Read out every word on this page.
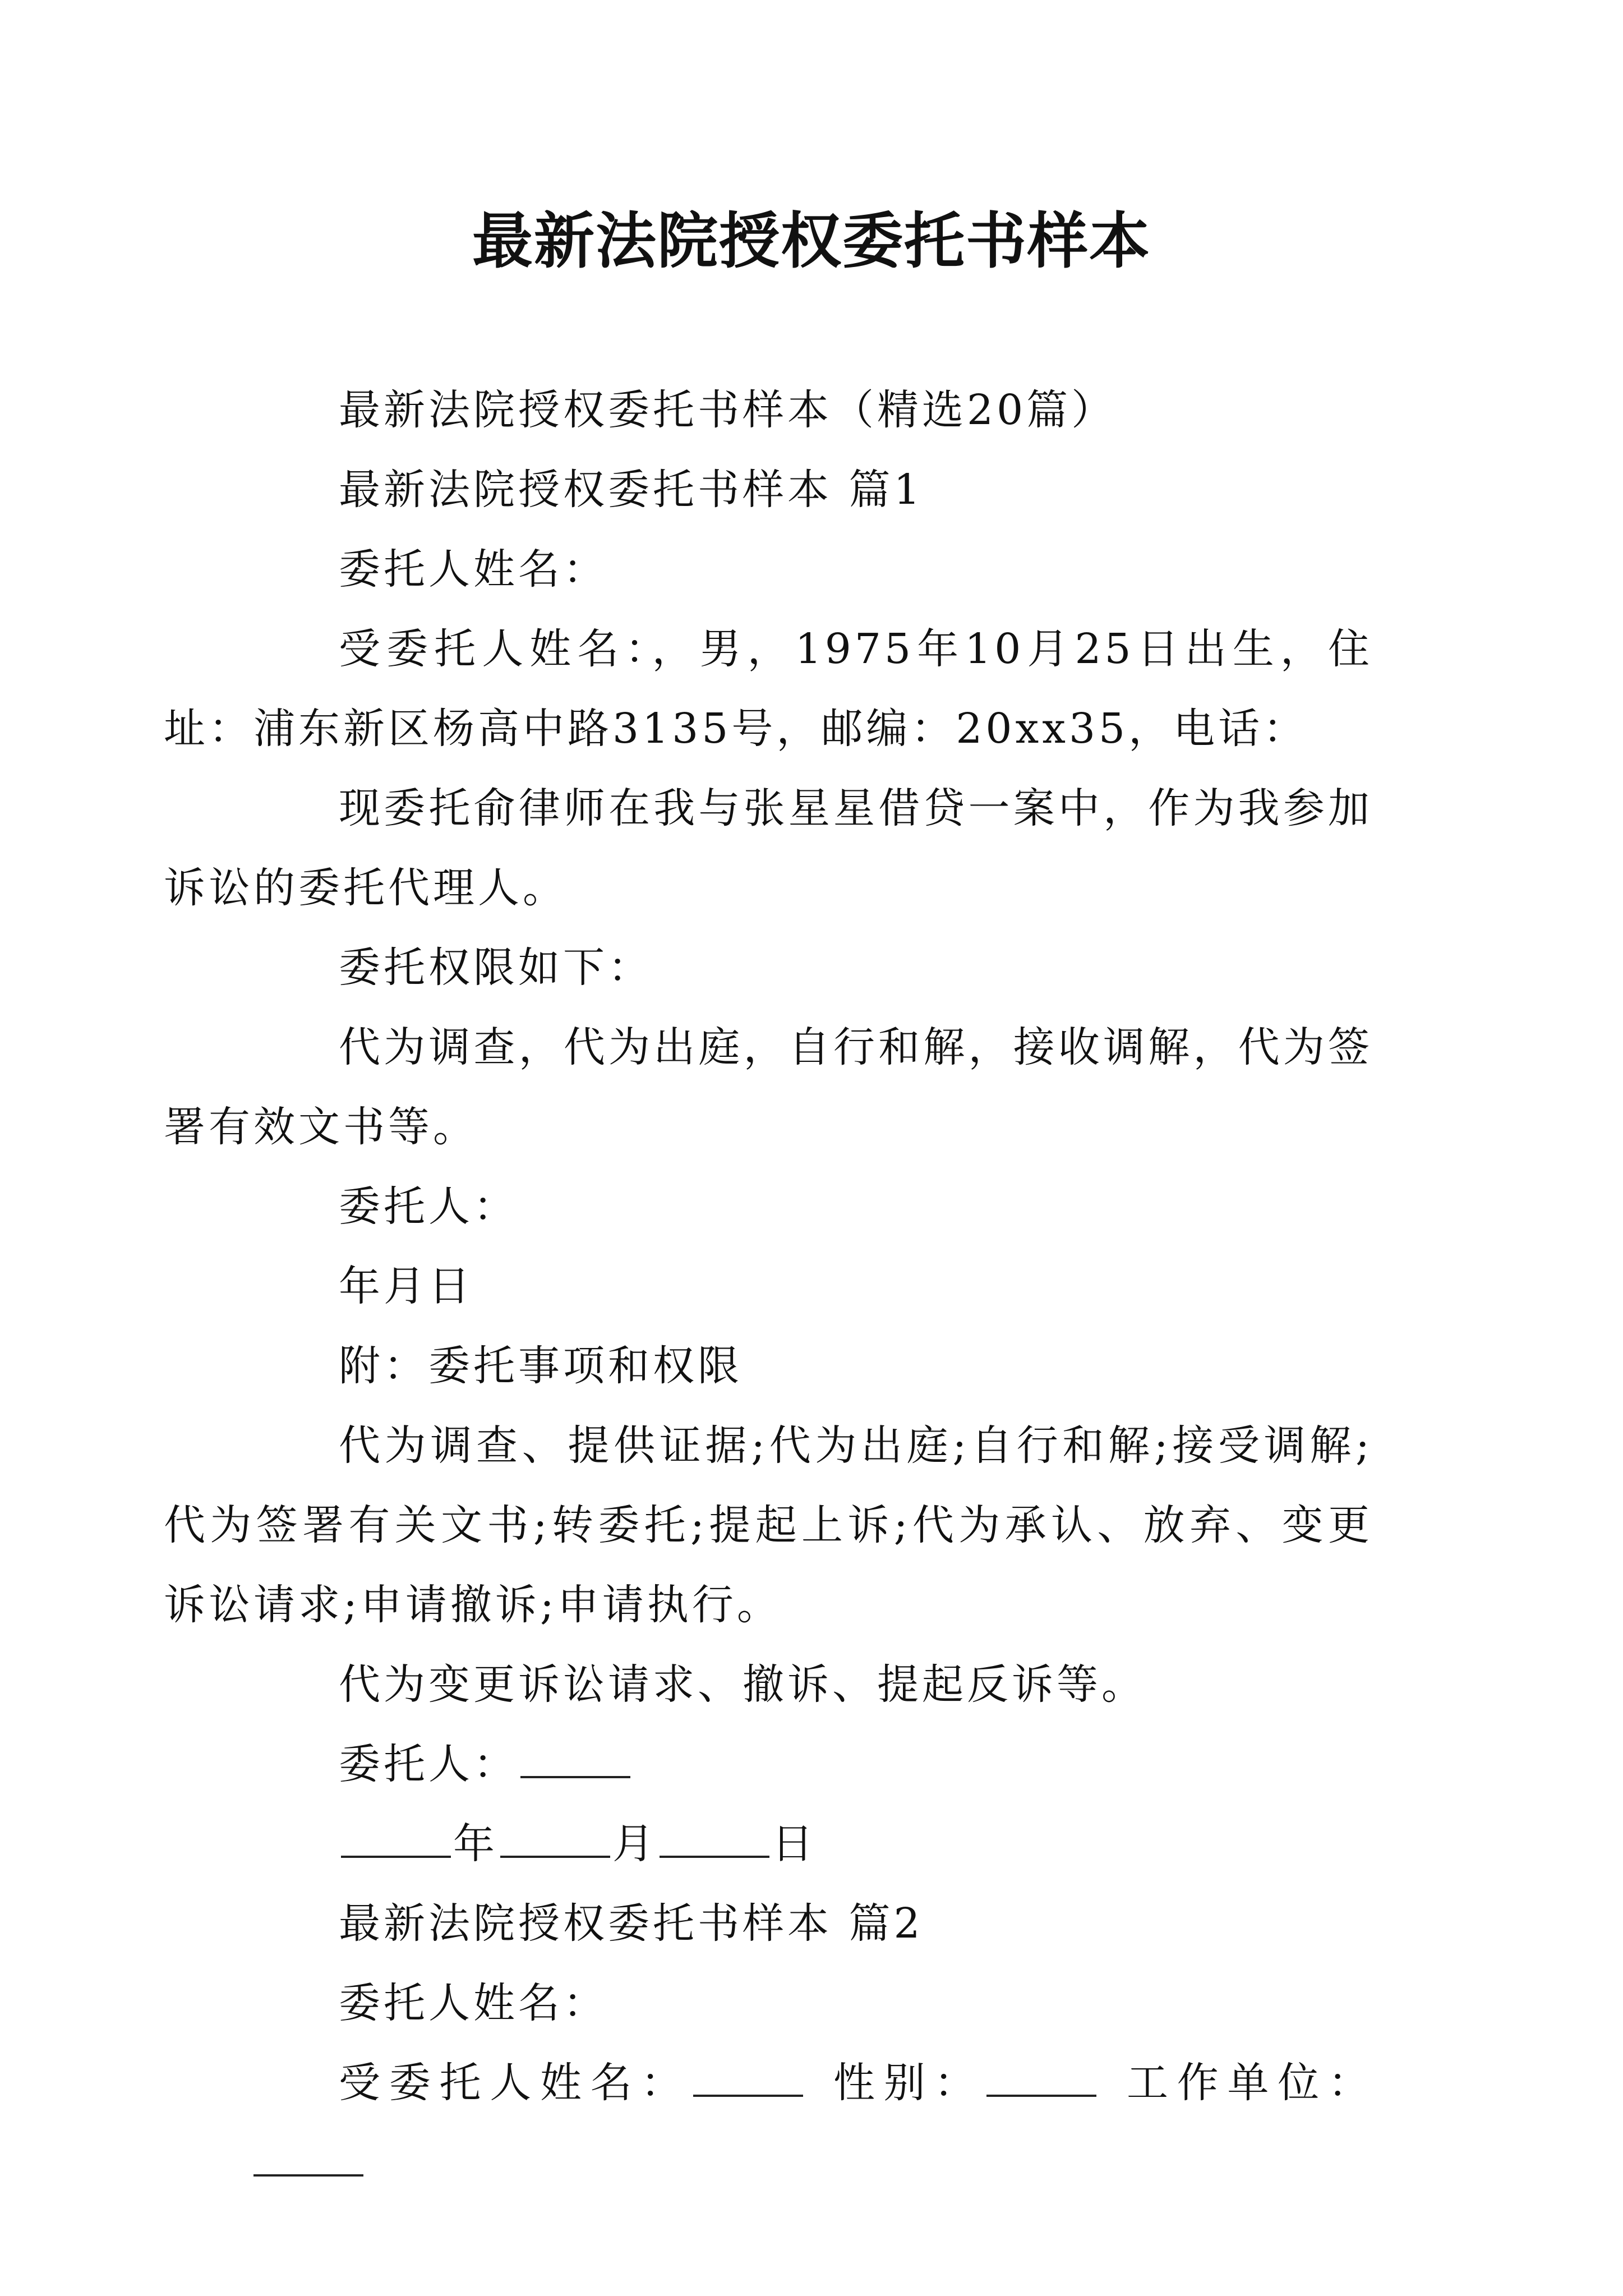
最新法院授权委托书样本

最新法院授权委托书样本（精选20篇）

最新法院授权委托书样本 篇1

委托人姓名：

受委托人姓名：，男，1975年10月25日出生，住址：浦东新区杨高中路3135号，邮编：20xx35，电话：

现委托俞律师在我与张星星借贷一案中，作为我参加诉讼的委托代理人。

委托权限如下：

代为调查，代为出庭，自行和解，接收调解，代为签署有效文书等。

委托人：

年月日

附：委托事项和权限

代为调查、提供证据;代为出庭;自行和解;接受调解;代为签署有关文书;转委托;提起上诉;代为承认、放弃、变更诉讼请求;申请撤诉;申请执行。

代为变更诉讼请求、撤诉、提起反诉等。

委托人：

年	月	日

最新法院授权委托书样本 篇2

委托人姓名：

受委托人姓名：	性别：	工作单位：
